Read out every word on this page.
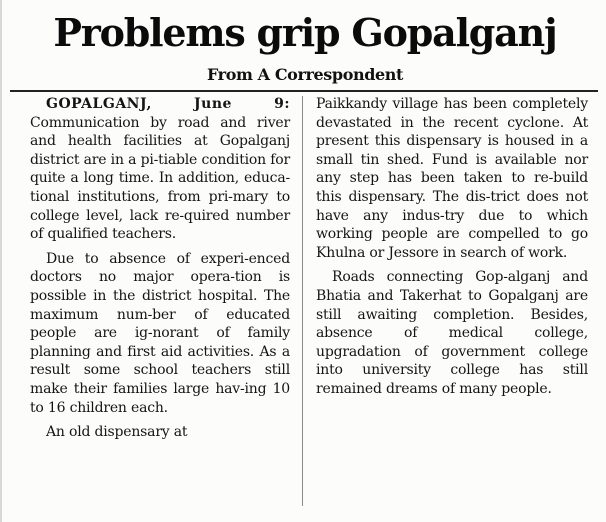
Problems grip Gopalganj
From A Correspondent

GOPALGANJ, June 9: Communication by road and river and health facilities at Gopalganj district are in a pi-tiable condition for quite a long time. In addition, educa-tional institutions, from pri-mary to college level, lack re-quired number of qualified teachers.

Due to absence of experi-enced doctors no major opera-tion is possible in the district hospital. The maximum num-ber of educated people are ig-norant of family planning and first aid activities. As a result some school teachers still make their families large hav-ing 10 to 16 children each.

An old dispensary at

Paikkandy village has been completely devastated in the recent cyclone. At present this dispensary is housed in a small tin shed. Fund is available nor any step has been taken to re-build this dispensary. The dis-trict does not have any indus-try due to which working people are compelled to go Khulna or Jessore in search of work.

Roads connecting Gop-alganj and Bhatia and Takerhat to Gopalganj are still awaiting completion. Besides, absence of medical college, upgradation of government college into university college has still remained dreams of many people.
